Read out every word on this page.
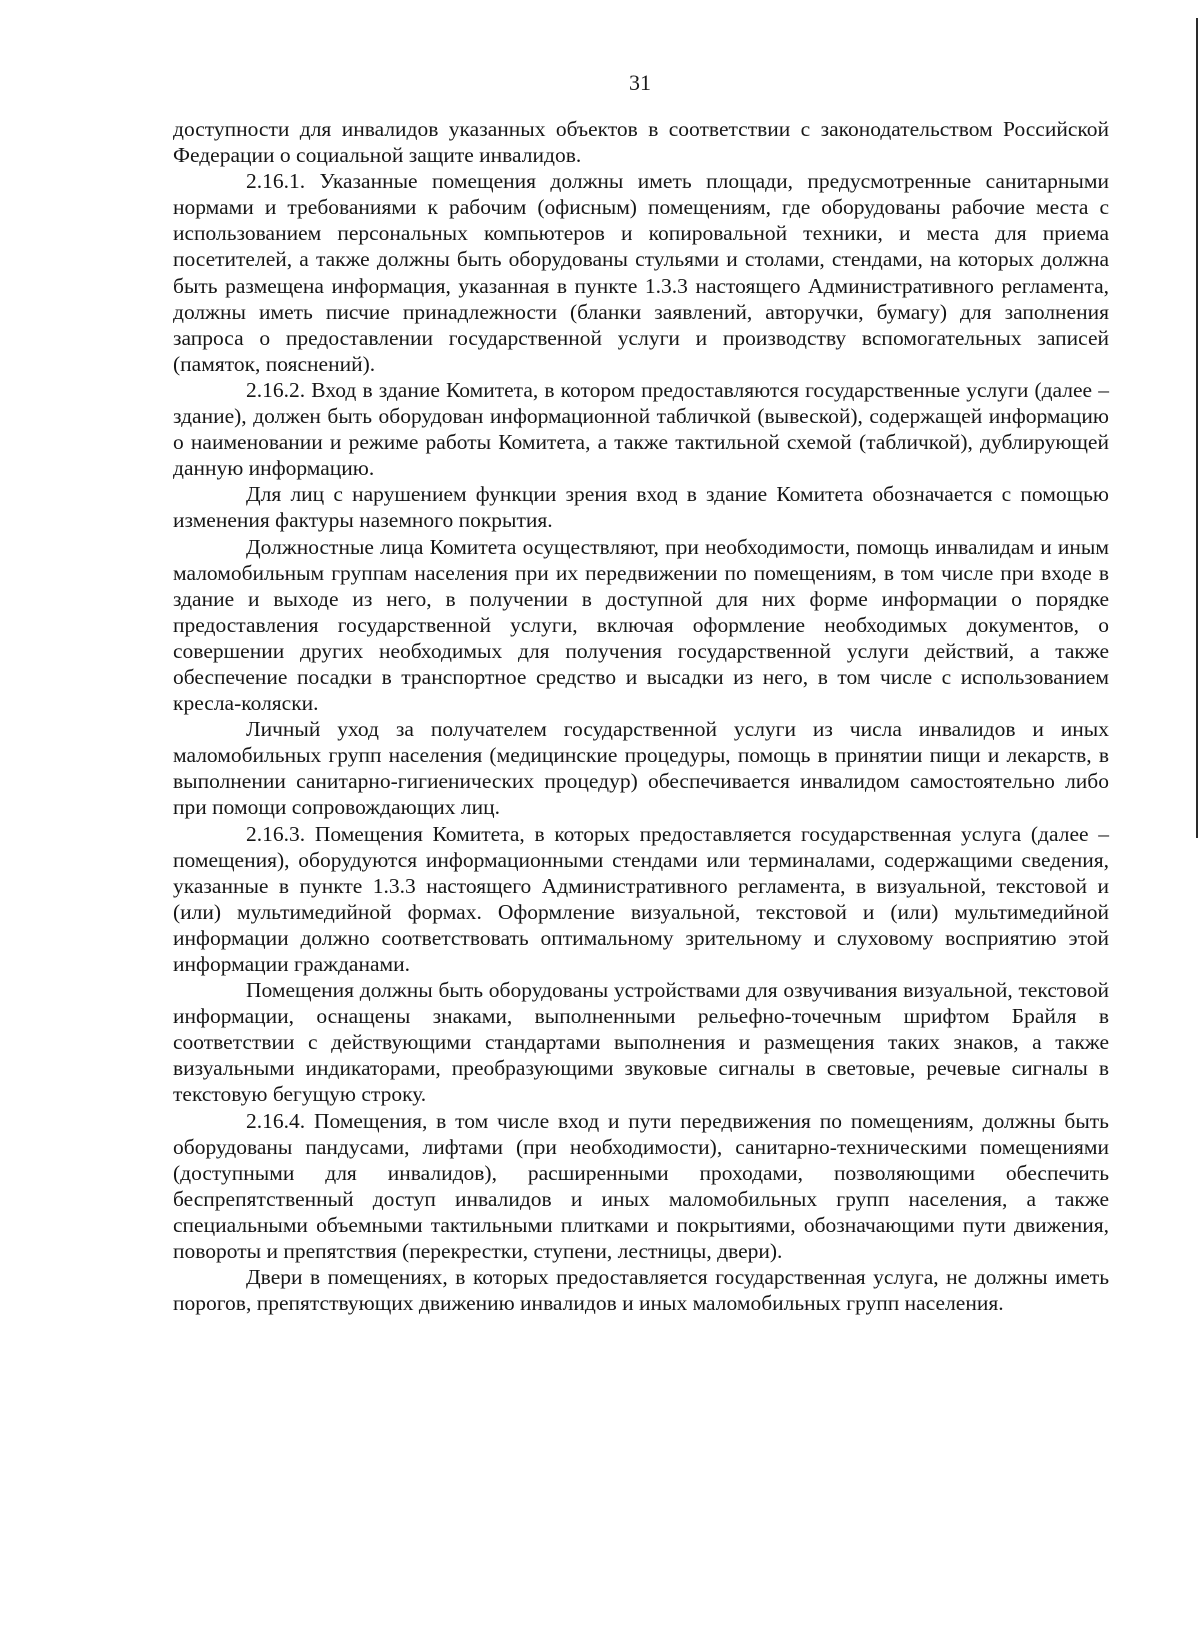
31

доступности для инвалидов указанных объектов в соответствии с законодательством Российской Федерации о социальной защите инвалидов.

2.16.1. Указанные помещения должны иметь площади, предусмотренные санитарными нормами и требованиями к рабочим (офисным) помещениям, где оборудованы рабочие места с использованием персональных компьютеров и копировальной техники, и места для приема посетителей, а также должны быть оборудованы стульями и столами, стендами, на которых должна быть размещена информация, указанная в пункте 1.3.3 настоящего Административного регламента, должны иметь писчие принадлежности (бланки заявлений, авторучки, бумагу) для заполнения запроса о предоставлении государственной услуги и производству вспомогательных записей (памяток, пояснений).

2.16.2. Вход в здание Комитета, в котором предоставляются государственные услуги (далее – здание), должен быть оборудован информационной табличкой (вывеской), содержащей информацию о наименовании и режиме работы Комитета, а также тактильной схемой (табличкой), дублирующей данную информацию.

Для лиц с нарушением функции зрения вход в здание Комитета обозначается с помощью изменения фактуры наземного покрытия.

Должностные лица Комитета осуществляют, при необходимости, помощь инвалидам и иным маломобильным группам населения при их передвижении по помещениям, в том числе при входе в здание и выходе из него, в получении в доступной для них форме информации о порядке предоставления государственной услуги, включая оформление необходимых документов, о совершении других необходимых для получения государственной услуги действий, а также обеспечение посадки в транспортное средство и высадки из него, в том числе с использованием кресла-коляски.

Личный уход за получателем государственной услуги из числа инвалидов и иных маломобильных групп населения (медицинские процедуры, помощь в принятии пищи и лекарств, в выполнении санитарно-гигиенических процедур) обеспечивается инвалидом самостоятельно либо при помощи сопровождающих лиц.

2.16.3. Помещения Комитета, в которых предоставляется государственная услуга (далее – помещения), оборудуются информационными стендами или терминалами, содержащими сведения, указанные в пункте 1.3.3 настоящего Административного регламента, в визуальной, текстовой и (или) мультимедийной формах. Оформление визуальной, текстовой и (или) мультимедийной информации должно соответствовать оптимальному зрительному и слуховому восприятию этой информации гражданами.

Помещения должны быть оборудованы устройствами для озвучивания визуальной, текстовой информации, оснащены знаками, выполненными рельефно-точечным шрифтом Брайля в соответствии с действующими стандартами выполнения и размещения таких знаков, а также визуальными индикаторами, преобразующими звуковые сигналы в световые, речевые сигналы в текстовую бегущую строку.

2.16.4. Помещения, в том числе вход и пути передвижения по помещениям, должны быть оборудованы пандусами, лифтами (при необходимости), санитарно-техническими помещениями (доступными для инвалидов), расширенными проходами, позволяющими обеспечить беспрепятственный доступ инвалидов и иных маломобильных групп населения, а также специальными объемными тактильными плитками и покрытиями, обозначающими пути движения, повороты и препятствия (перекрестки, ступени, лестницы, двери).

Двери в помещениях, в которых предоставляется государственная услуга, не должны иметь порогов, препятствующих движению инвалидов и иных маломобильных групп населения.
